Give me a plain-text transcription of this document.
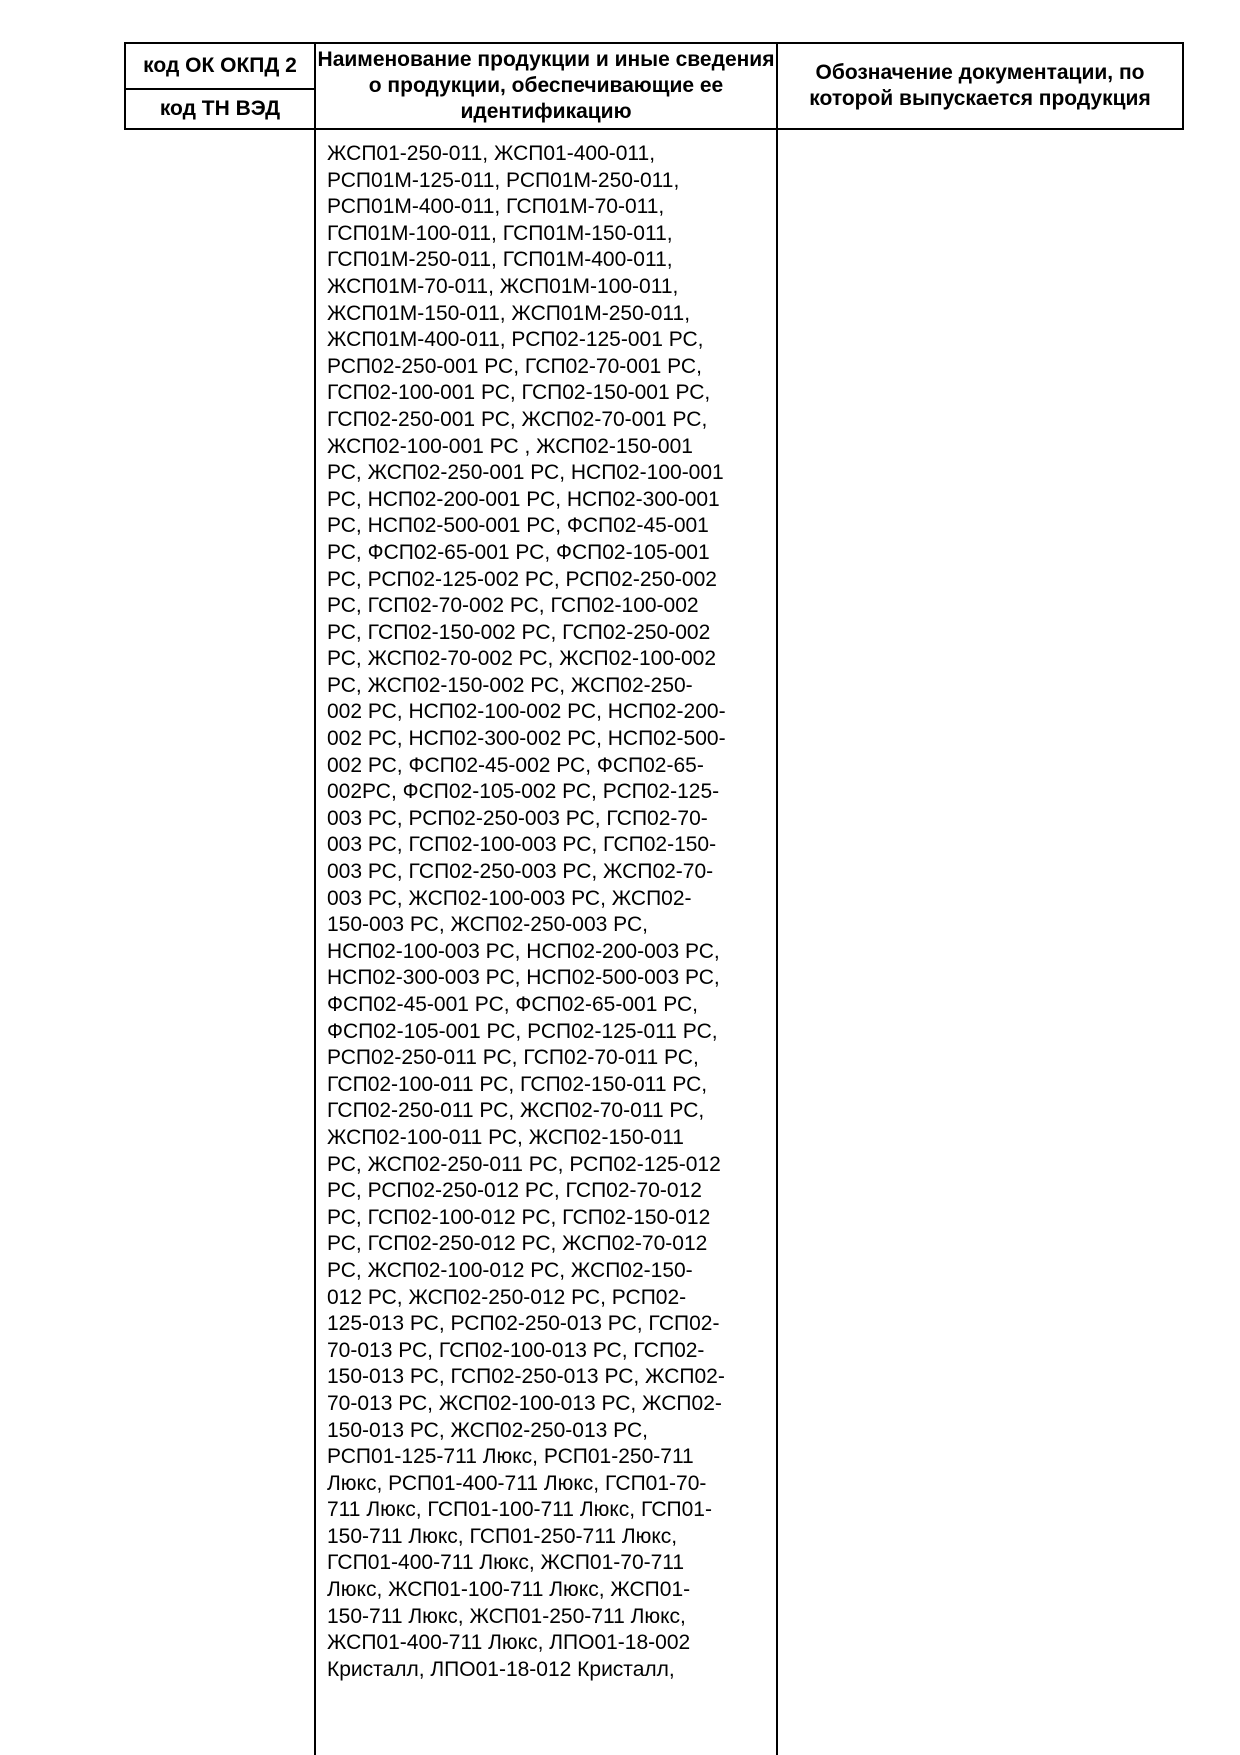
код ОК ОКПД 2
код ТН ВЭД
Наименование продукции и иные сведения о продукции, обеспечивающие ее идентификацию
Обозначение документации, по которой выпускается продукция
ЖСП01-250-011, ЖСП01-400-011,
РСП01М-125-011, РСП01М-250-011,
РСП01М-400-011, ГСП01М-70-011,
ГСП01М-100-011, ГСП01М-150-011,
ГСП01М-250-011, ГСП01М-400-011,
ЖСП01М-70-011, ЖСП01М-100-011,
ЖСП01М-150-011, ЖСП01М-250-011,
ЖСП01М-400-011, РСП02-125-001 РС,
РСП02-250-001 РС, ГСП02-70-001 РС,
ГСП02-100-001 РС, ГСП02-150-001 РС,
ГСП02-250-001 РС, ЖСП02-70-001 РС,
ЖСП02-100-001 РС , ЖСП02-150-001
РС, ЖСП02-250-001 РС, НСП02-100-001
РС, НСП02-200-001 РС, НСП02-300-001
РС, НСП02-500-001 РС, ФСП02-45-001
РС, ФСП02-65-001 РС, ФСП02-105-001
РС, РСП02-125-002 РС, РСП02-250-002
РС, ГСП02-70-002 РС, ГСП02-100-002
РС, ГСП02-150-002 РС, ГСП02-250-002
РС, ЖСП02-70-002 РС, ЖСП02-100-002
РС, ЖСП02-150-002 РС, ЖСП02-250-
002 РС, НСП02-100-002 РС, НСП02-200-
002 РС, НСП02-300-002 РС, НСП02-500-
002 РС, ФСП02-45-002 РС, ФСП02-65-
002РС, ФСП02-105-002 РС, РСП02-125-
003 РС, РСП02-250-003 РС, ГСП02-70-
003 РС, ГСП02-100-003 РС, ГСП02-150-
003 РС, ГСП02-250-003 РС, ЖСП02-70-
003 РС, ЖСП02-100-003 РС, ЖСП02-
150-003 РС, ЖСП02-250-003 РС,
НСП02-100-003 РС, НСП02-200-003 РС,
НСП02-300-003 РС, НСП02-500-003 РС,
ФСП02-45-001 РС, ФСП02-65-001 РС,
ФСП02-105-001 РС, РСП02-125-011 РС,
РСП02-250-011 РС, ГСП02-70-011 РС,
ГСП02-100-011 РС, ГСП02-150-011 РС,
ГСП02-250-011 РС, ЖСП02-70-011 РС,
ЖСП02-100-011 РС, ЖСП02-150-011
РС, ЖСП02-250-011 РС, РСП02-125-012
РС, РСП02-250-012 РС, ГСП02-70-012
РС, ГСП02-100-012 РС, ГСП02-150-012
РС, ГСП02-250-012 РС, ЖСП02-70-012
РС, ЖСП02-100-012 РС, ЖСП02-150-
012 РС, ЖСП02-250-012 РС, РСП02-
125-013 РС, РСП02-250-013 РС, ГСП02-
70-013 РС, ГСП02-100-013 РС, ГСП02-
150-013 РС, ГСП02-250-013 РС, ЖСП02-
70-013 РС, ЖСП02-100-013 РС, ЖСП02-
150-013 РС, ЖСП02-250-013 РС,
РСП01-125-711 Люкс, РСП01-250-711
Люкс, РСП01-400-711 Люкс, ГСП01-70-
711 Люкс, ГСП01-100-711 Люкс, ГСП01-
150-711 Люкс, ГСП01-250-711 Люкс,
ГСП01-400-711 Люкс, ЖСП01-70-711
Люкс, ЖСП01-100-711 Люкс, ЖСП01-
150-711 Люкс, ЖСП01-250-711 Люкс,
ЖСП01-400-711 Люкс, ЛПО01-18-002
Кристалл, ЛПО01-18-012 Кристалл,
